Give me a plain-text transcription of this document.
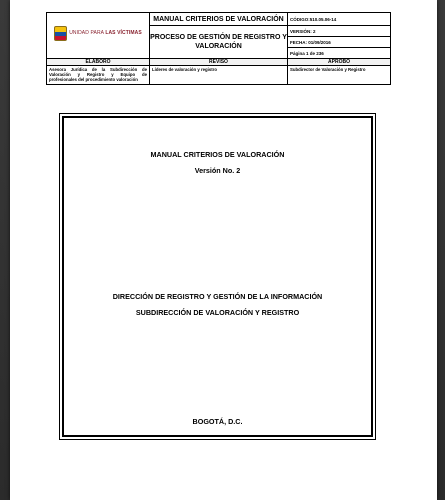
UNIDAD PARA LAS VÍCTIMAS	MANUAL CRITERIOS DE VALORACIÓN	CÓDIGO:510.05.06-14
	PROCESO DE GESTIÓN DE REGISTRO Y VALORACIÓN	VERSIÓN: 2
		FECHA: 01/09/2016
		Página 1 de 236
ELABORÓ	REVISÓ	APROBÓ
Asesora Jurídica de la Subdirección de Valoración y Registro y Equipo de profesionales del procedimiento valoración	Líderes de valoración y registro	Subdirector de Valoración y Registro
MANUAL CRITERIOS DE VALORACIÓN
Versión No. 2
DIRECCIÓN DE REGISTRO Y GESTIÓN DE LA INFORMACIÓN
SUBDIRECCIÓN DE VALORACIÓN Y REGISTRO
BOGOTÁ, D.C.
